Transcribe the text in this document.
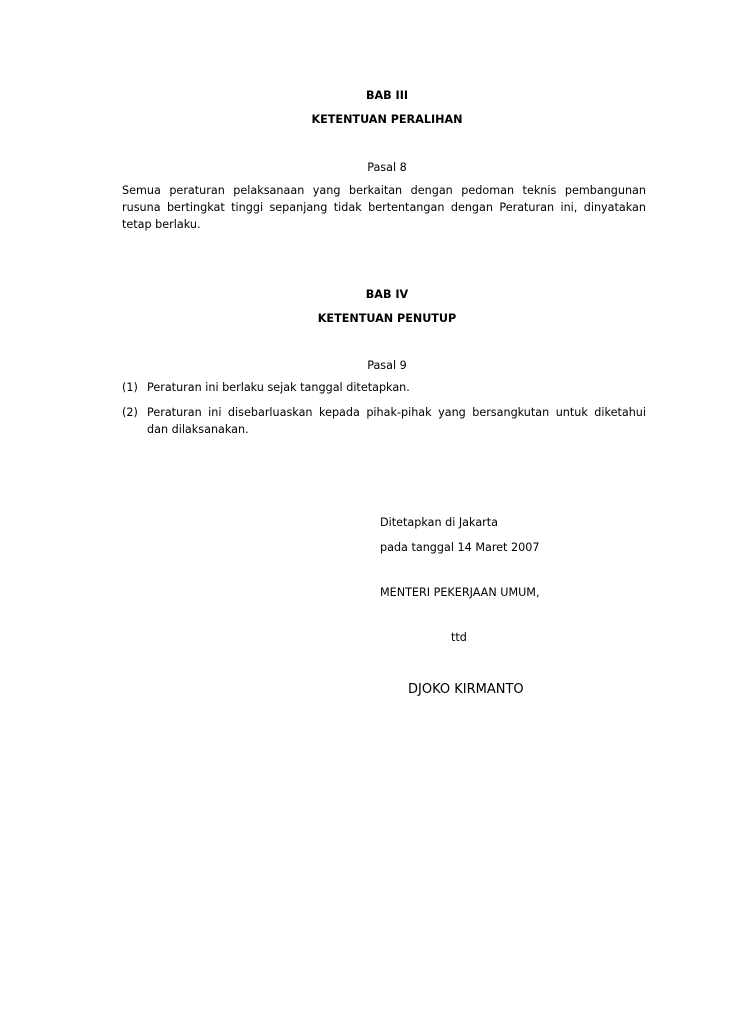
BAB III
KETENTUAN PERALIHAN
Pasal 8
Semua peraturan pelaksanaan yang berkaitan dengan pedoman teknis pembangunan rusuna bertingkat tinggi sepanjang tidak bertentangan dengan Peraturan ini, dinyatakan tetap berlaku.
BAB IV
KETENTUAN PENUTUP
Pasal 9
(1) Peraturan ini berlaku sejak tanggal ditetapkan.
(2) Peraturan ini disebarluaskan kepada pihak-pihak yang bersangkutan untuk diketahui dan dilaksanakan.
Ditetapkan di Jakarta
pada tanggal 14 Maret 2007
MENTERI PEKERJAAN UMUM,
ttd
DJOKO KIRMANTO
